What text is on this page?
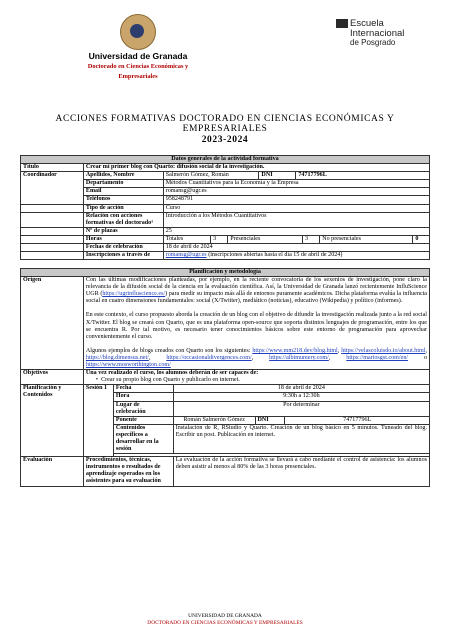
Universidad de Granada
Doctorado en Ciencias Económicas y
Empresariales
Escuela
Internacional
de Posgrado
ACCIONES FORMATIVAS DOCTORADO EN CIENCIAS ECONÓMICAS Y
EMPRESARIALES
2023-2024
Datos generales de la actividad formativa
Título	Crear mi primer blog con Quarto: difusión social de la investigación.
Coordinador	Apellidos, Nombre	Salmerón Gómez, Román	DNI	74717796L
Departamento	Métodos Cuantitativos para la Economía y la Empresa
Email	romansg@ugr.es
Teléfonos	958248791
	Tipo de acción	Curso
	Relación con acciones formativas del doctorado¹	Introducción a los Métodos Cuantitativos
	Nº de plazas	25
	Horas		Totales	3	Presenciales	3	No presenciales	0

	Fechas de celebración	18 de abril de 2024
	Inscripciones a través de	romansg@ugr.es (inscripciones abiertas hasta el día 15 de abril de 2024)
Planificación y metodología					
Origen	Con las últimas modificaciones planteadas, por ejemplo, en la reciente convocatoria de los sexenios de investigación, pone claro la relevancia de la difusión social de la ciencia en la evaluación científica. Así, la Universidad de Granada lanzó recientemente InfluScience UGR (https://ugrinfluscience.es/) para medir su impacto más allá de entornos puramente académicos. Dicha plataforma evalúa la influencia social en cuatro dimensiones fundamentales: social (X/Twitter), mediático (noticias), educativo (Wikipedia) y político (informes).
En este contexto, el curso propuesto aborda la creación de un blog con el objetivo de difundir la investigación realizada junto a la red social X/Twitter. El blog se creará con Quarto, que es una plataforma open-source que soporta distintos lenguajes de programación, entre los que se encuentra R. Por tal motivo, es necesario tener conocimientos básicos sobre este entorno de programación para aprovechar convenientemente el curso.
Algunos ejemplos de blogs creados con Quarto son los siguientes: https://www.mm218.dev/blog.html, https://velascoluisdo.io/about.html, https://blog.dimensus.net/, https://occasionaldivergences.com/, https://albimumery.com/, https://mariosgst.com/en/ o https://www.mosworthington.com/				

Objetivos	Una vez realizado el curso, los alumnos deberán de ser capaces de:
•  Crear su propio blog con Quarto y publicarlo en internet.				

Planificación y Contenidos	Sesión 1	Fecha	18 de abril de 2024		
		Hora	9:30h a 12:30h		
		Lugar de celebración	Por determinar		
		Ponente	Román Salmerón Gómez	DNI	74717796L
		Contenidos específicos a desarrollar en la sesión	Instalación de R, RStudio y Quarto. Creación de un blog básico en 5 minutos. Tuneado del blog. Escribir un post. Publicación en internet.		

Evaluación	Procedimientos, técnicas, instrumentos o resultados de aprendizaje esperados en los asistentes para su evaluación		La evaluación de la acción formativa se llevará a cabo mediante el control de asistencia: los alumnos deben asistir al menos al 80% de las 3 horas presenciales.		
UNIVERSIDAD DE GRANADA
DOCTORADO EN CIENCIAS ECONÓMICAS Y EMPRESARIALES
